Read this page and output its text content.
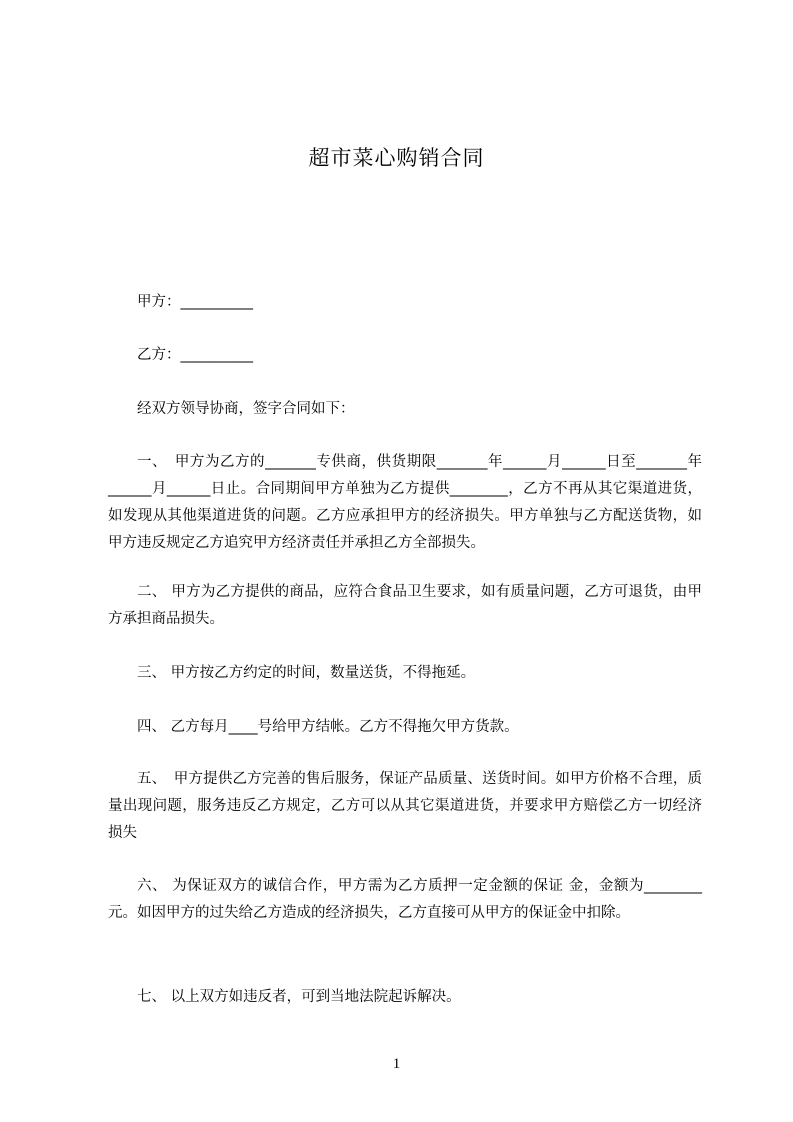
超市菜心购销合同
甲方：__________
乙方：__________
经双方领导协商，签字合同如下：
一、　甲方为乙方的_______专供商，供货期限_______年______月______日至_______年______月______日止。合同期间甲方单独为乙方提供________，乙方不再从其它渠道进货，如发现从其他渠道进货的问题。乙方应承担甲方的经济损失。甲方单独与乙方配送货物，如甲方违反规定乙方追究甲方经济责任并承担乙方全部损失。
二、 甲方为乙方提供的商品，应符合食品卫生要求，如有质量问题，乙方可退货，由甲方承担商品损失。
三、 甲方按乙方约定的时间，数量送货，不得拖延。
四、 乙方每月____号给甲方结帐。乙方不得拖欠甲方货款。
五、　甲方提供乙方完善的售后服务，保证产品质量、送货时间。如甲方价格不合理，质量出现问题，服务违反乙方规定，乙方可以从其它渠道进货，并要求甲方赔偿乙方一切经济损失
六、 为保证双方的诚信合作，甲方需为乙方质押一定金额的保证 金，金额为________元。如因甲方的过失给乙方造成的经济损失，乙方直接可从甲方的保证金中扣除。
七、 以上双方如违反者，可到当地法院起诉解决。
1
